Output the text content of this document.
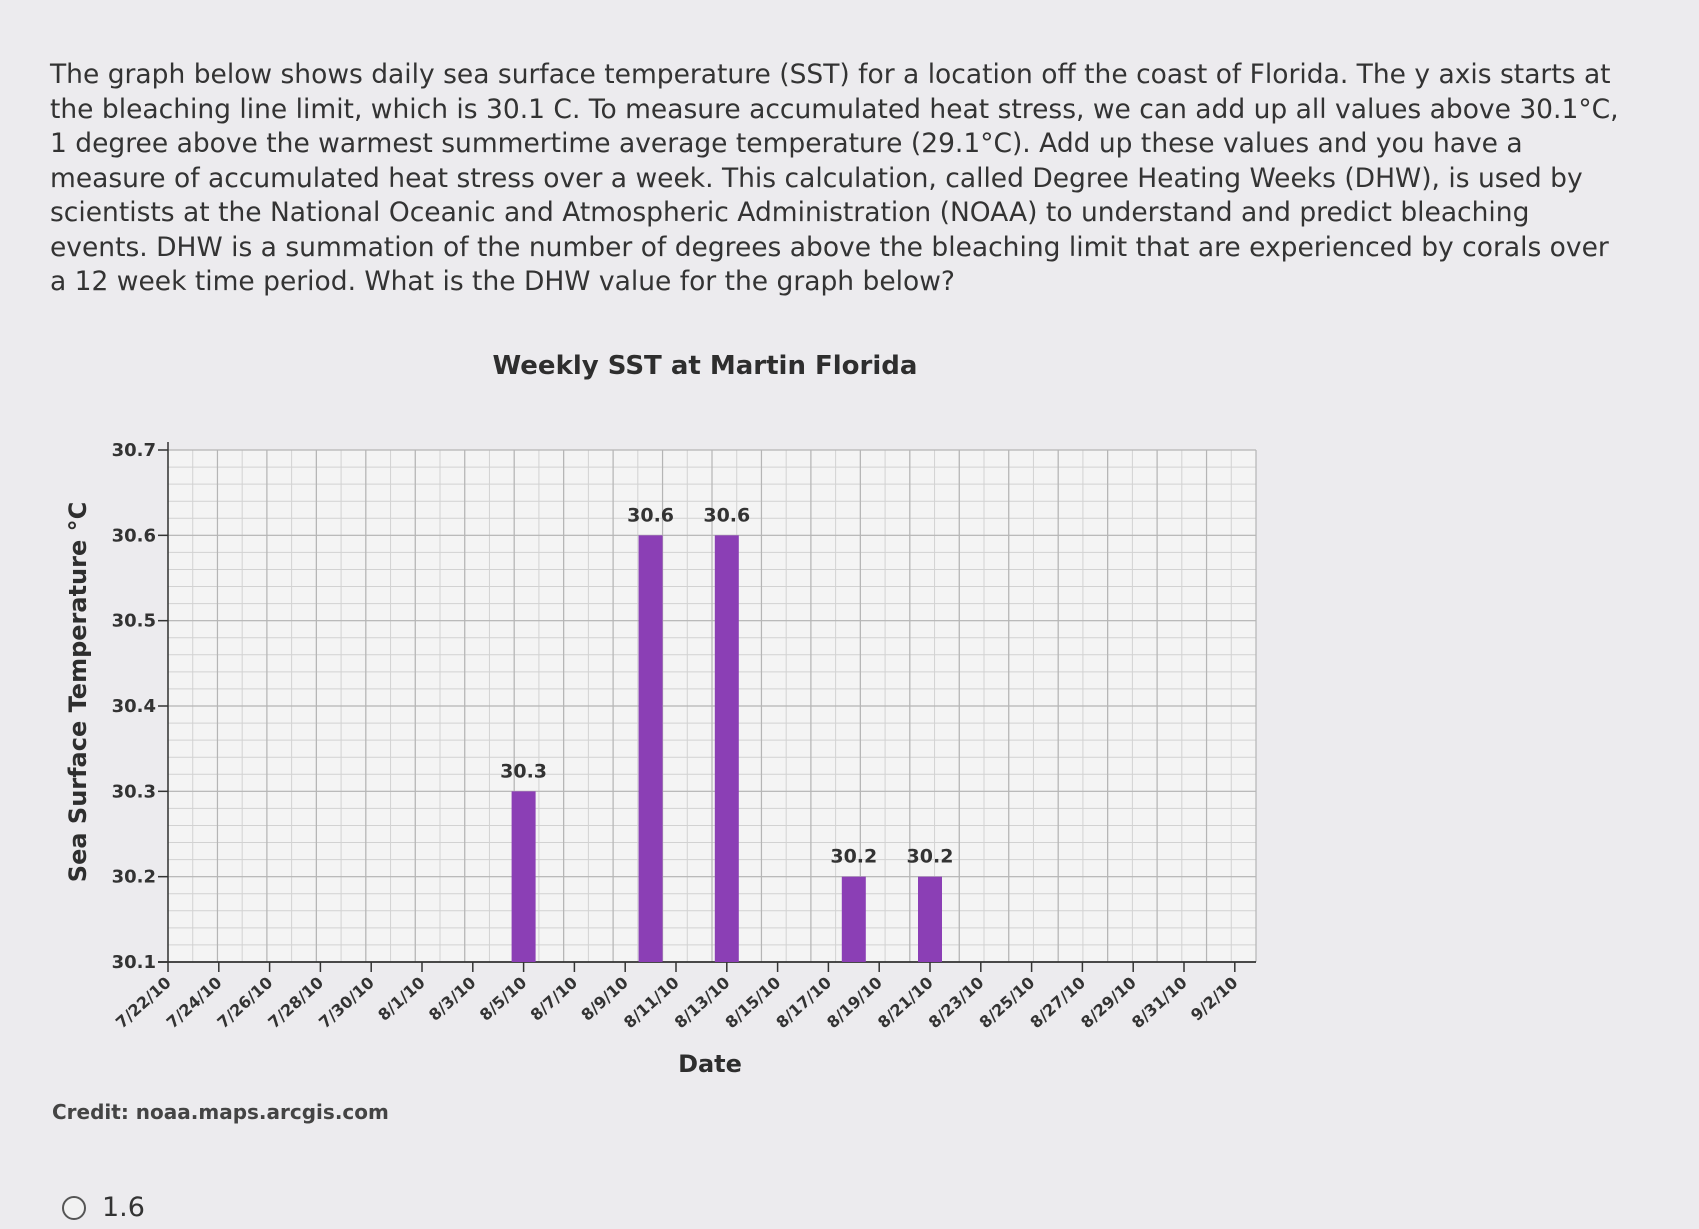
The graph below shows daily sea surface temperature (SST) for a location off the coast of Florida. The y axis starts at the bleaching line limit, which is 30.1 C. To measure accumulated heat stress, we can add up all values above 30.1°C, 1 degree above the warmest summertime average temperature (29.1°C). Add up these values and you have a measure of accumulated heat stress over a week. This calculation, called Degree Heating Weeks (DHW), is used by scientists at the National Oceanic and Atmospheric Administration (NOAA) to understand and predict bleaching events. DHW is a summation of the number of degrees above the bleaching limit that are experienced by corals over a 12 week time period. What is the DHW value for the graph below?

30.1
30.2
30.3
30.4
30.5
30.6
30.7
7/22/10
7/24/10
7/26/10
7/28/10
7/30/10
8/1/10
8/3/10
8/5/10
8/7/10
8/9/10
8/11/10
8/13/10
8/15/10
8/17/10
8/19/10
8/21/10
8/23/10
8/25/10
8/27/10
8/29/10
8/31/10
9/2/10
30.3
30.6 30.6
30.2 30.2
Weekly SST at Martin Florida
Date
Sea Surface Temperature °C
Credit: noaa.maps.arcgis.com
1.6
